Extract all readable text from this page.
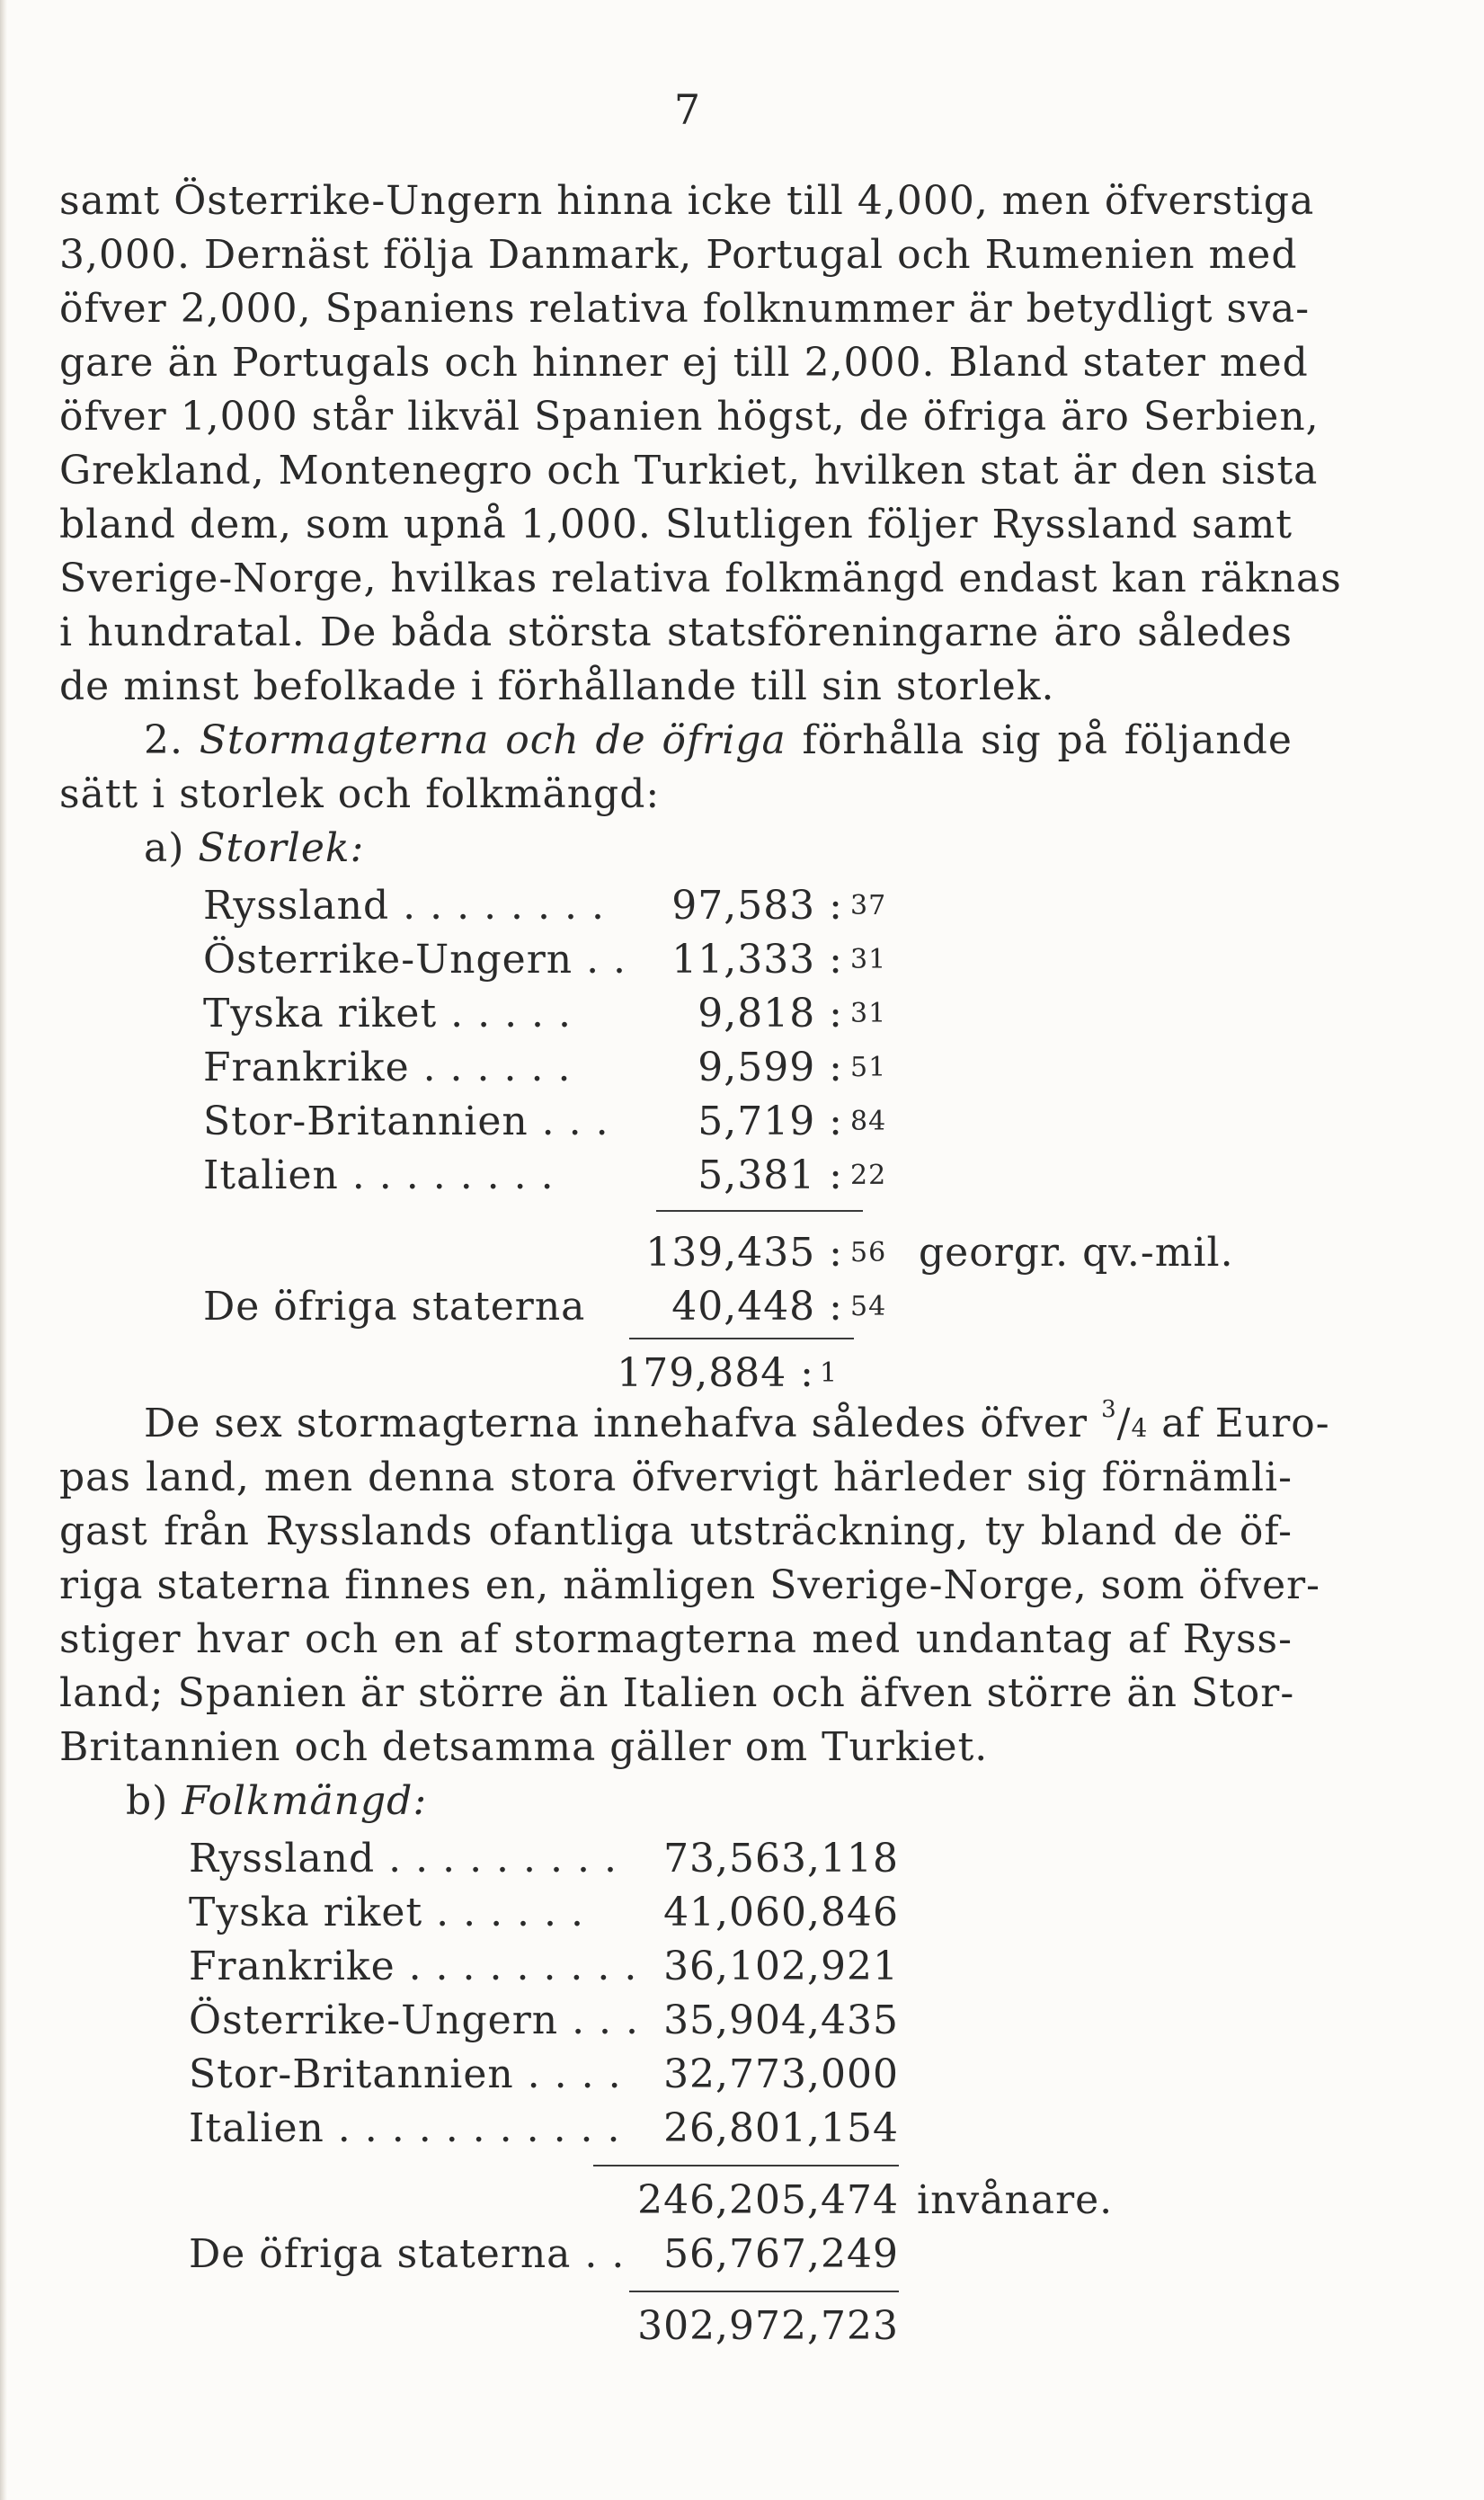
7
samt Österrike-Ungern hinna icke till 4,000, men öfverstiga
3,000. Dernäst följa Danmark, Portugal och Rumenien med
öfver 2,000, Spaniens relativa folknummer är betydligt sva-
gare än Portugals och hinner ej till 2,000. Bland stater med
öfver 1,000 står likväl Spanien högst, de öfriga äro Serbien,
Grekland, Montenegro och Turkiet, hvilken stat är den sista
bland dem, som upnå 1,000. Slutligen följer Ryssland samt
Sverige-Norge, hvilkas relativa folkmängd endast kan räknas
i hundratal. De båda största statsföreningarne äro således
de minst befolkade i förhållande till sin storlek.
2. Stormagterna och de öfriga förhålla sig på följande
sätt i storlek och folkmängd:
a) Storlek:
Ryssland . . . . . . . . 97,583 : 37
Österrike-Ungern . . 11,333 : 31
Tyska riket . . . . .	9,818 : 31
Frankrike . . . . . .	9,599 : 51
Stor-Britannien . . . 5,719 : 84
Italien . . . . . . . .	5,381 : 22
139,435 : 56 georgr. qv.-mil.
De öfriga staterna 40,448 : 54
179,884 : 1
De sex stormagterna innehafva således öfver $^3$/4 af Euro-
pas land, men denna stora öfvervigt härleder sig förnämli-
gast från Rysslands ofantliga utsträckning, ty bland de öf-
riga staterna finnes en, nämligen Sverige-Norge, som öfver-
stiger hvar och en af stormagterna med undantag af Ryss-
land; Spanien är större än Italien och äfven större än Stor-
Britannien och detsamma gäller om Turkiet.
b) Folkmängd:
Ryssland . . . . . . . . . 73,563,118
Tyska riket . . . . . . 41,060,846
Frankrike . . . . . . . . . 36,102,921
Österrike-Ungern . . . 35,904,435
Stor-Britannien . . . . 32,773,000
Italien . . . . . . . . . . . 26,801,154
246,205,474 invånare.
De öfriga staterna . . 56,767,249
302,972,723
